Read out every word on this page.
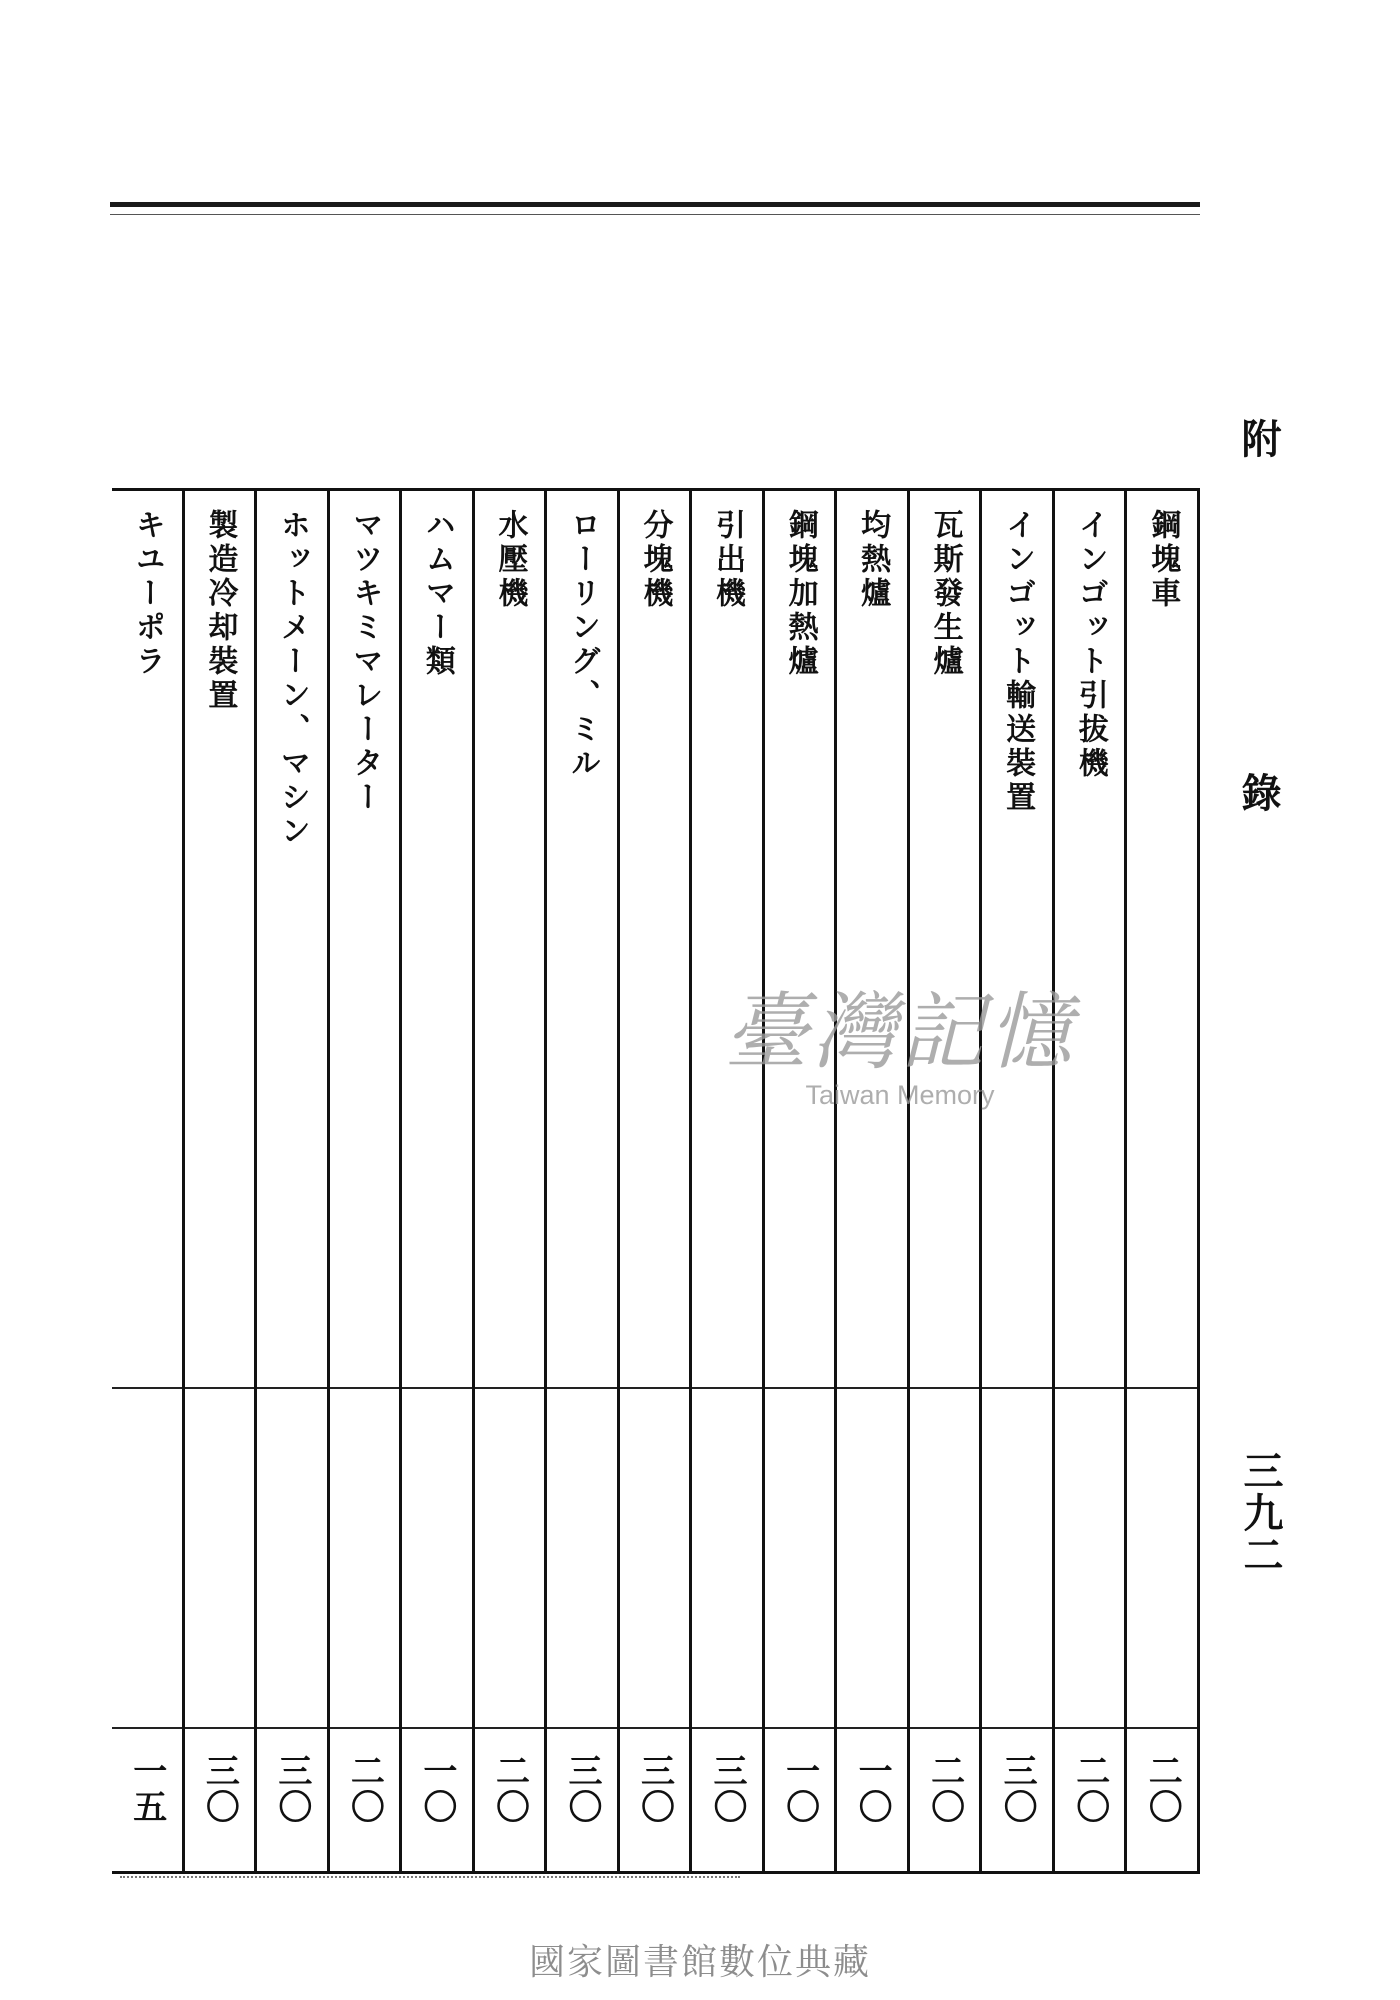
附 錄
三九二
鋼塊車
二〇
インゴット引拔機
二〇
インゴット輸送裝置
三〇
瓦斯發生爐
二〇
均熱爐
一〇
鋼塊加熱爐
一〇
引出機
三〇
分塊機
三〇
ローリング、ミル
三〇
水壓機
二〇
ハムマー類
一〇
マツキミマレーター
二〇
ホットメーン、マシン
三〇
製造冷却裝置
三〇
キユーポラ
一五
臺灣記憶
Taiwan Memory
國家圖書館數位典藏
